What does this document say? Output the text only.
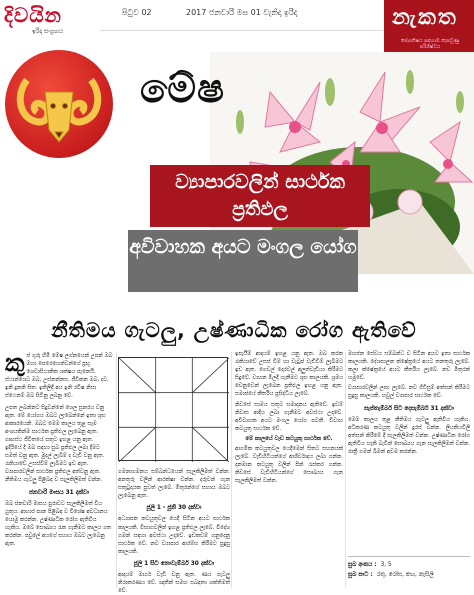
දිවයින
ඉරිදා සංග්‍රහය
පිටුව 02	2017 ජනවාරි මස 01 වැනිදා ඉරිදා	නැකත
ජ්‍යොතිෂය සඳහාම කැපවුණු පරිශිෂ්ටය
මේෂ
ව්‍යාපාරවලින් සාර්ථක ප්‍රතිඵල
අවිවාහක අයට මංගල යෝග
නීතිමය ගැටලු, උෂ්ණාධික රෝග ඇතිවේ
කු ජ ගුරු හිමි මේෂ ලග්නයෙන් උපන් ඔබ මහා පෙරෙහෙන්වන්ගේ ප්‍රභූ ශෙවාසිථානික ශක්ෂය පැනෙයි. ස්ථාන්ශෙට ඔබ, උස්නන්නස, ජීවිකන ඔබ, දව, ඉනි දුනනි සිත. ඉතිලිඳි අය ඉනි රවිෂ නිසා ස්ථෙනම් ඔබ සිටිනු ලබනු වේ.

උපත ලබන්නට සිදුවන්නේ ශෙල සුනරය වනු ඇත. මේ යෝගය ඔබට ලැබෙන්නේ ඉතා ශුභ ආකාරයෙනි. ඔබට මෙම කාලය තුළ සෑම අංශයකින්ම සාර්ථක ප්‍රතිඵල ලැබෙනු ඇත. ගෘහස්ථ ජීවිතයේ සතුට ඉහළ යනු ඇත.

ඉදිරියේ දී ඔබ සඳහා සුබ ප්‍රතිඵල ලබා දීමට සමත් වනු ඇත. මුදල් ලැබීම් ද වැඩි වනු ඇත. රැකියාවේ උසස්වීම් ලැබීමට ඉඩ ඇත. ව්‍යාපාරවලින් සාර්ථක ප්‍රතිඵල අත්වනු ඇත. නීතිමය ගැටලු පිළිබඳ ව සැලකිලිමත් වන්න.

ජනවාරි මාසය 31 දක්වා

ඔබ ජනවාරි මාසය පුරාවට සැලකිලිමත් විය යුතුය. ආහාර පාන පිළිබඳ ව විශේෂ අවධානය යොමු කරන්න. උෂ්ණාධික රෝග ඇතිවිය හැකිය. ඔබේ සෞඛ්‍යය රැක ගැනීමට කාලය ගත කරන්න. පවුලේ අයගේ සහාය ඔබට ලැබෙනු ඇත.

ගමනාගමනය සම්බන්ධයෙන් සැලකිලිමත් වන්න. අනතුරු වලින් ආරක්ෂා වන්න. දරුවන් ගැන සතුටුදායක පුවත් ලැබේ. මිතුරන්ගේ සහාය ඔබට ලැබෙනු ඇත.

ජූලි 1 - ජූනි 30 දක්වා

අධ්‍යාපන කටයුතුවල යෙදී සිටින අයට සාර්ථක කාලයකි. විභාගවලින් ඉහළ ප්‍රතිඵල ලැබේ. විදේශ ගමන් සඳහා අවස්ථා උදාවේ. ඉඩකඩම් ගනුදෙනු සාර්ථක වේ. නව ව්‍යාපාර ආරම්භ කිරීමට සුදුසු කාලයකි.

ජූලි 1 සිට නොවැම්බර් 30 දක්වා

ආදායම් මාර්ග වැඩි වනු ඇත. ණය ගැටලු නිරාකරණය වේ. ඥාතීන් සමඟ සබඳතා ශක්තිමත් වේ.

ඉපැයීම් ආදායම් ඉහළ යනු ඇත. ඔබ කරන රැකියාවේ උසස් වීම් හා වැටුප් වැඩිවීම් ලැබීමට ඉඩ ඇත. ගෙවල් දොරවල් අලුත්වැඩියා කිරීමට සිදුවේ. වාහන මිලදී ගැනීමට ශුභ කාලයකි. ශ්‍රමය වෙනුවෙන් ලැබෙන ප්‍රතිඵල ඉහළ යනු ඇත. සමාජයේ කීර්තිය ප්‍රසිද්ධිය ලැබේ.

නිවසේ සාමය සතුට සමාදානය ඇතිවේ. ඉඩම් නිවාස ආදිය ලබා ගැනීමට අවස්ථා උදාවේ. අවිවාහක අයට මංගල යෝග පවතී. විවාහ කටයුතු සාර්ථක වේ.

මේ කාලයේ වැඩ කටයුතු සාර්ථක වේ.

ආගමික කටයුතුවල යෙදීමෙන් සිතට සහනයක් ලැබේ. වැඩිහිටියන්ගේ ආශීර්වාදය ලබා ගන්න. දානමාන කටයුතු වලින් පින් රැස්කර ගන්න. නිවසේ වැඩිහිටියන්ගේ සෞඛ්‍යය ගැන සැලකිලිමත් වන්න.

මහජන සේවය සම්බන්ධ ව සිටින අයට ඉතා සාර්ථක කාලයකි. දේශපාලන ක්ෂේත්‍රයේ අයට තනතුරු ලැබේ. කලා ක්ෂේත්‍රයේ අයට කීර්තිය ලැබේ. නව මිතුරන් හමුවේ.

ව්‍යාපාරවලින් ලාභ ලැබේ. නව ගිවිසුම් අත්සන් කිරීමට සුදුසු කාලයකි. හවුල් ව්‍යාපාර සාර්ථක වේ.

සැප්තැම්බර් සිට දෙසැම්බර් 31 දක්වා

මෙම කාලය තුළ නීතිමය ගැටලු ඇතිවිය හැකිය. අධිකරණ කටයුතු වලින් දුරස් වන්න. ලියකියවිලි අත්සන් කිරීමේ දී සැලකිලිමත් වන්න. උෂ්ණාධික රෝග ඇතිවිය හැකි බැවින් සෞඛ්‍යය ගැන සැලකිලිමත් වන්න. රාත්‍රී ගමන් බිමන් අවම කරන්න.

සුබ අංකය : 3, 5
සුබ පාට : රතු, රෝස, කහ, නැසිලි
